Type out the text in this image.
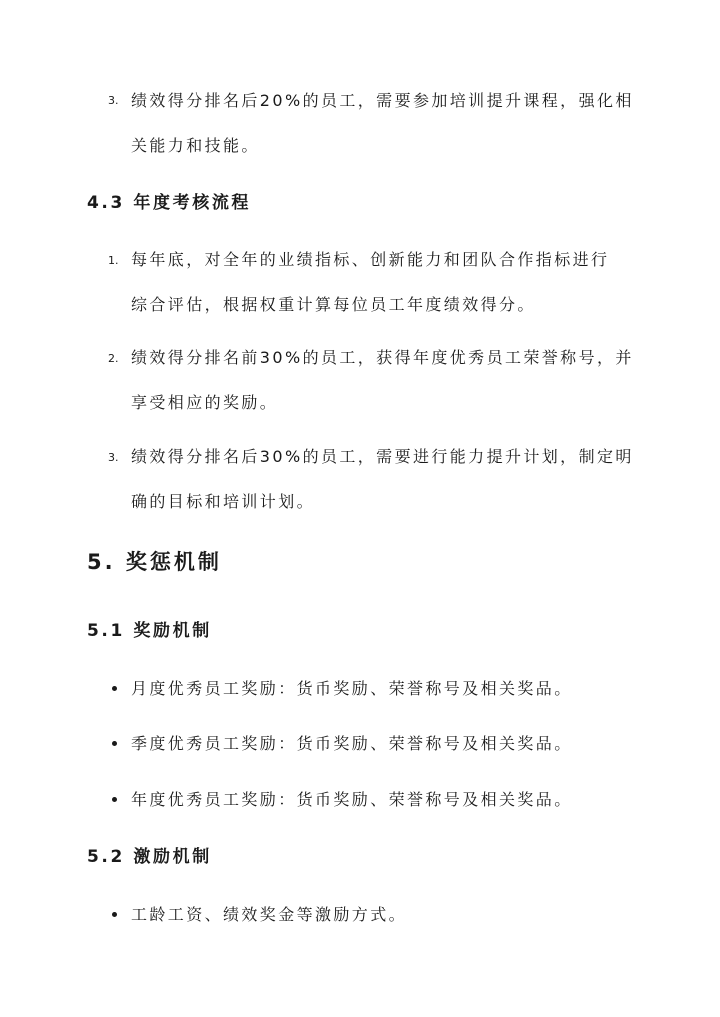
3. 绩效得分排名后20%的员工，需要参加培训提升课程，强化相
关能力和技能。
4.3 年度考核流程
1. 每年底，对全年的业绩指标、创新能力和团队合作指标进行
综合评估，根据权重计算每位员工年度绩效得分。
2. 绩效得分排名前30%的员工，获得年度优秀员工荣誉称号，并
享受相应的奖励。
3. 绩效得分排名后30%的员工，需要进行能力提升计划，制定明
确的目标和培训计划。
5. 奖惩机制
5.1 奖励机制
月度优秀员工奖励：货币奖励、荣誉称号及相关奖品。
季度优秀员工奖励：货币奖励、荣誉称号及相关奖品。
年度优秀员工奖励：货币奖励、荣誉称号及相关奖品。
5.2 激励机制
工龄工资、绩效奖金等激励方式。
